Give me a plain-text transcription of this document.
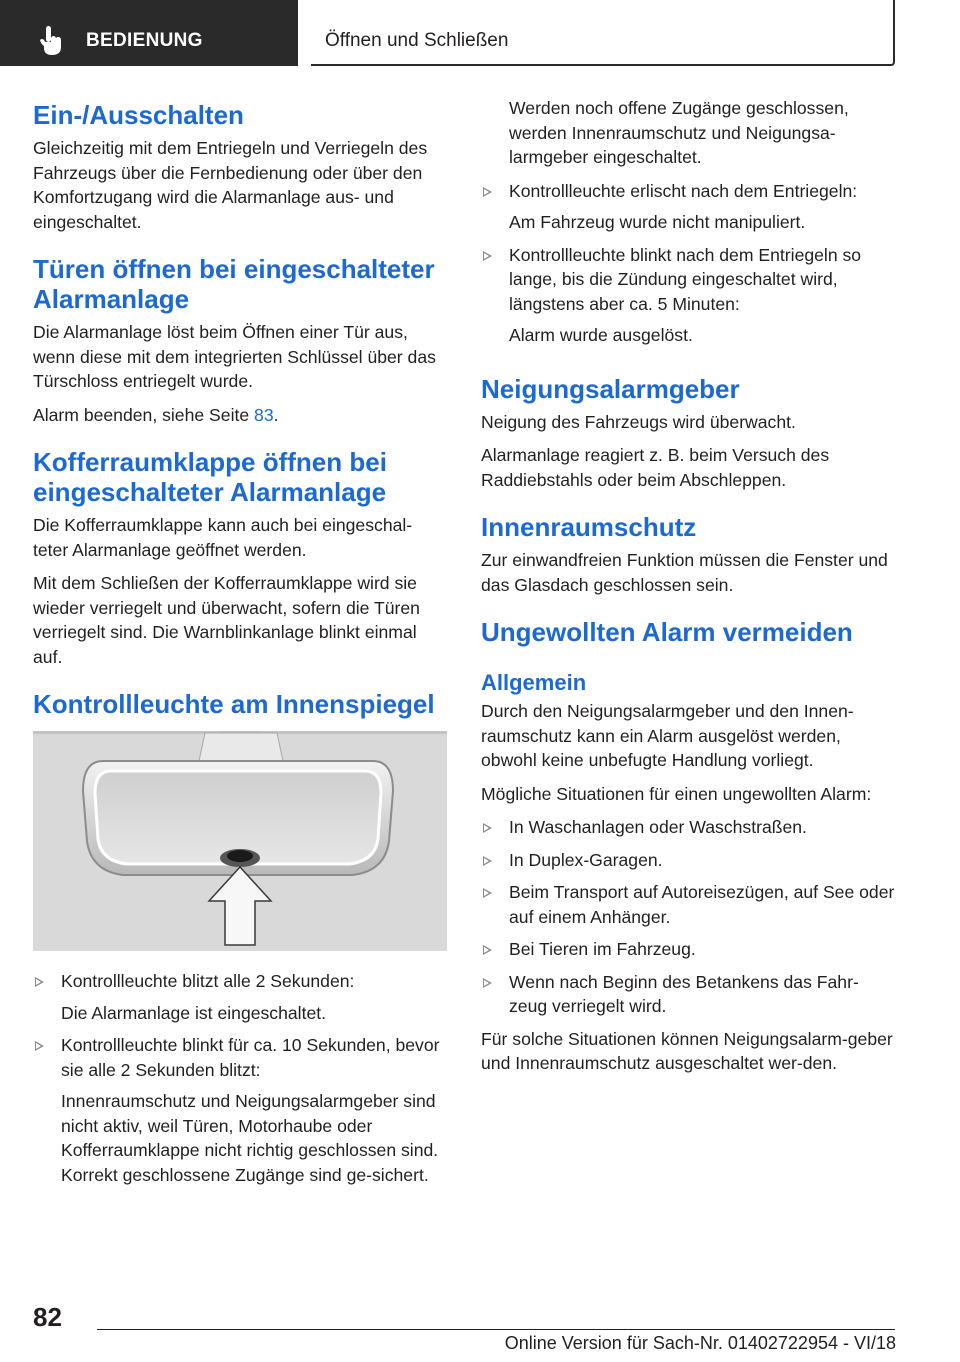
BEDIENUNG	Öffnen und Schließen
Ein-/Ausschalten

Gleichzeitig mit dem Entriegeln und Verriegeln des Fahrzeugs über die Fernbedienung oder über den Komfortzugang wird die Alarmanlage aus- und eingeschaltet.

Türen öffnen bei eingeschalteter Alarmanlage

Die Alarmanlage löst beim Öffnen einer Tür aus, wenn diese mit dem integrierten Schlüssel über das Türschloss entriegelt wurde.

Alarm beenden, siehe Seite 83.

Kofferraumklappe öffnen bei eingeschalteter Alarmanlage

Die Kofferraumklappe kann auch bei eingeschal‐teter Alarmanlage geöffnet werden.

Mit dem Schließen der Kofferraumklappe wird sie wieder verriegelt und überwacht, sofern die Türen verriegelt sind. Die Warnblinkanlage blinkt einmal auf.

Kontrollleuchte am Innenspiegel

Kontrollleuchte blitzt alle 2 Sekunden:

Die Alarmanlage ist eingeschaltet.

Kontrollleuchte blinkt für ca. 10 Sekunden, bevor sie alle 2 Sekunden blitzt:

Innenraumschutz und Neigungsalarmgeber sind nicht aktiv, weil Türen, Motorhaube oder Kofferraumklappe nicht richtig geschlossen sind. Korrekt geschlossene Zugänge sind ge‐sichert.

Werden noch offene Zugänge geschlossen, werden Innenraumschutz und Neigungsa‐larmgeber eingeschaltet.

Kontrollleuchte erlischt nach dem Entriegeln:

Am Fahrzeug wurde nicht manipuliert.

Kontrollleuchte blinkt nach dem Entriegeln so lange, bis die Zündung eingeschaltet wird, längstens aber ca. 5 Minuten:

Alarm wurde ausgelöst.

Neigungsalarmgeber

Neigung des Fahrzeugs wird überwacht.

Alarmanlage reagiert z. B. beim Versuch des Raddiebstahls oder beim Abschleppen.

Innenraumschutz

Zur einwandfreien Funktion müssen die Fenster und das Glasdach geschlossen sein.

Ungewollten Alarm vermeiden
Allgemein

Durch den Neigungsalarmgeber und den Innen‐raumschutz kann ein Alarm ausgelöst werden, obwohl keine unbefugte Handlung vorliegt.

Mögliche Situationen für einen ungewollten Alarm:

In Waschanlagen oder Waschstraßen.

In Duplex-Garagen.

Beim Transport auf Autoreisezügen, auf See oder auf einem Anhänger.

Bei Tieren im Fahrzeug.

Wenn nach Beginn des Betankens das Fahr‐zeug verriegelt wird.

Für solche Situationen können Neigungsalarm‐geber und Innenraumschutz ausgeschaltet wer‐den.

82
Online Version für Sach-Nr. 01402722954 - VI/18
